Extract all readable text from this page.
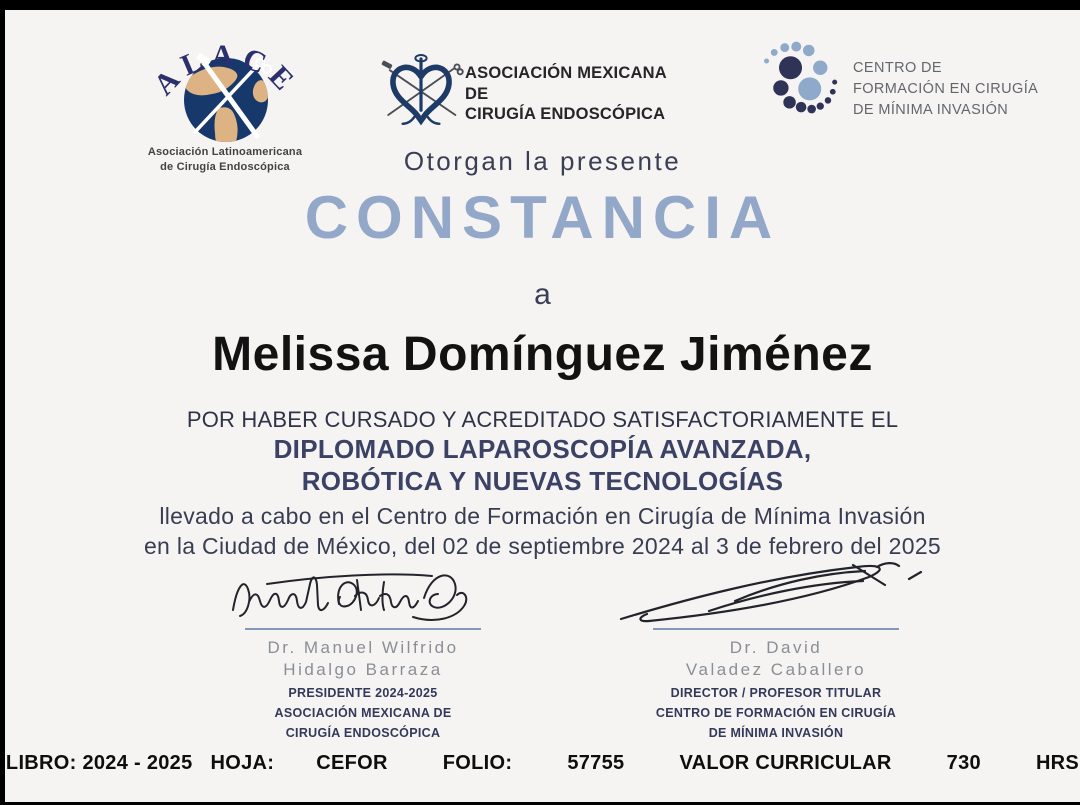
ALACE
Asociación Latinoamericana
de Cirugía Endoscópica
ASOCIACIÓN MEXICANA DE
CIRUGÍA ENDOSCÓPICA
CENTRO DE
FORMACIÓN EN CIRUGÍA
DE MÍNIMA INVASIÓN
Otorgan la presente
CONSTANCIA
a
Melissa Domínguez Jiménez
POR HABER CURSADO Y ACREDITADO SATISFACTORIAMENTE EL
DIPLOMADO LAPAROSCOPÍA AVANZADA,
ROBÓTICA Y NUEVAS TECNOLOGÍAS
llevado a cabo en el Centro de Formación en Cirugía de Mínima Invasión
en la Ciudad de México, del 02 de septiembre 2024 al 3 de febrero del 2025
Dr. Manuel Wilfrido
Hidalgo Barraza
PRESIDENTE 2024-2025
ASOCIACIÓN MEXICANA DE
CIRUGÍA ENDOSCÓPICA
Dr. David
Valadez Caballero
DIRECTOR / PROFESOR TITULAR
CENTRO DE FORMACIÓN EN CIRUGÍA
DE MÍNIMA INVASIÓN
LIBRO: 2024 - 2025 HOJA: CEFOR	FOLIO:	57755	VALOR CURRICULAR	730	HRS
